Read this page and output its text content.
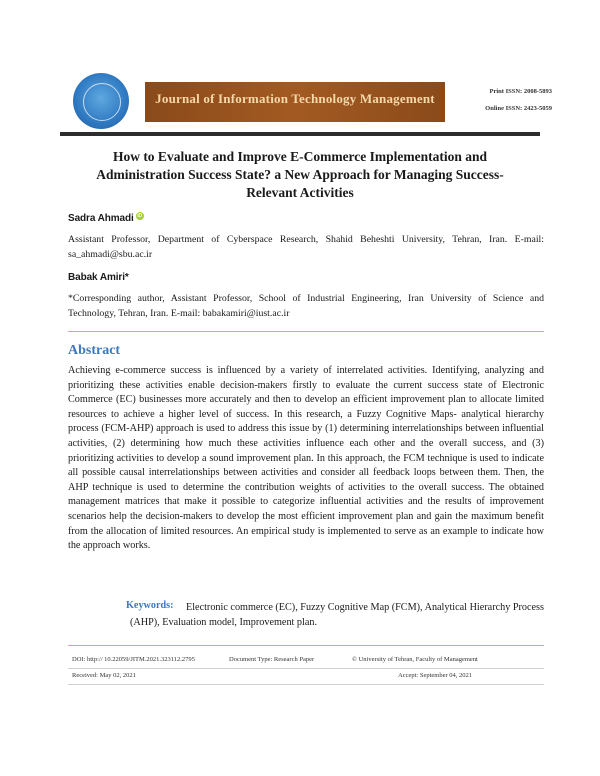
Journal of Information Technology Management	Print ISSN: 2008-5893
Online ISSN: 2423-5059
How to Evaluate and Improve E-Commerce Implementation and Administration Success State? a New Approach for Managing Success-Relevant Activities
Sadra Ahmadi iD
Assistant Professor, Department of Cyberspace Research, Shahid Beheshti University, Tehran, Iran. E-mail: sa_ahmadi@sbu.ac.ir
Babak Amiri*
*Corresponding author, Assistant Professor, School of Industrial Engineering, Iran University of Science and Technology, Tehran, Iran. E-mail: babakamiri@iust.ac.ir
Abstract
Achieving e-commerce success is influenced by a variety of interrelated activities. Identifying, analyzing and prioritizing these activities enable decision-makers firstly to evaluate the current success state of Electronic Commerce (EC) businesses more accurately and then to develop an efficient improvement plan to allocate limited resources to achieve a higher level of success. In this research, a Fuzzy Cognitive Maps- analytical hierarchy process (FCM-AHP) approach is used to address this issue by (1) determining interrelationships between influential activities, (2) determining how much these activities influence each other and the overall success, and (3) prioritizing activities to develop a sound improvement plan. In this approach, the FCM technique is used to indicate all possible causal interrelationships between activities and consider all feedback loops between them. Then, the AHP technique is used to determine the contribution weights of activities to the overall success. The obtained management matrices that make it possible to categorize influential activities and the results of improvement scenarios help the decision-makers to develop the most efficient improvement plan and gain the maximum benefit from the allocation of limited resources. An empirical study is implemented to serve as an example to indicate how the approach works.
Electronic commerce (EC), Fuzzy Cognitive Map (FCM), Analytical Hierarchy Process (AHP), Evaluation model, Improvement plan.
Keywords:
DOI: http:// 10.22059/JITM.2021.323112.2795	Document Type: Research Paper	© University of Tehran, Faculty of Management
Received: May 02, 2021	Accept: September 04, 2021
